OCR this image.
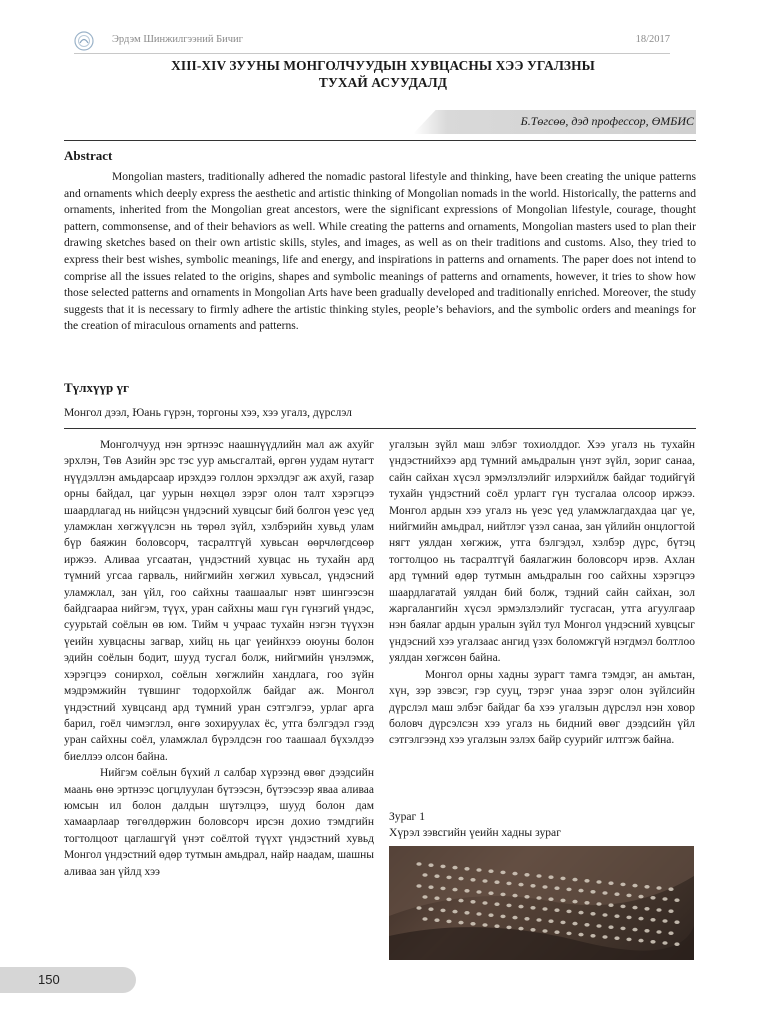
Эрдэм Шинжилгээний Бичиг	18/2017
XIII-XIV ЗУУНЫ МОНГОЛЧУУДЫН ХУВЦАСНЫ ХЭЭ УГАЛЗНЫ
ТУХАЙ АСУУДАЛД
Б.Төгсөө, дэд профессор, ӨМБИС
Abstract

Mongolian masters, traditionally adhered the nomadic pastoral lifestyle and thinking, have been creating the unique patterns and ornaments which deeply express the aesthetic and artistic thinking of Mongolian nomads in the world. Historically, the patterns and ornaments, inherited from the Mongolian great ancestors, were the significant expressions of Mongolian lifestyle, courage, thought pattern, commonsense, and of their behaviors as well. While creating the patterns and ornaments, Mongolian masters used to plan their drawing sketches based on their own artistic skills, styles, and images, as well as on their traditions and customs. Also, they tried to express their best wishes, symbolic meanings, life and energy, and inspirations in patterns and ornaments. The paper does not intend to comprise all the issues related to the origins, shapes and symbolic meanings of patterns and ornaments, however, it tries to show how those selected patterns and ornaments in Mongolian Arts have been gradually developed and traditionally enriched. Moreover, the study suggests that it is necessary to firmly adhere the artistic thinking styles, people’s behaviors, and the symbolic orders and meanings for the creation of miraculous ornaments and patterns.

Түлхүүр үг
Монгол дээл, Юань гүрэн, торгоны хээ, хээ угалз, дүрслэл

Монголчууд нэн эртнээс наашнүүдлийн мал аж ахуйг эрхлэн, Төв Азийн эрс тэс уур амьсгалтай, өргөн уудам нутагт нүүдэллэн амьдарсаар ирэхдээ голлон эрхэлдэг аж ахуй, газар орны байдал, цаг уурын нөхцөл зэрэг олон талт хэрэгцээ шаардлагад нь нийцсэн үндэсний хувцсыг бий болгон үеэс үед уламжлан хөгжүүлсэн нь төрөл зүйл, хэлбэрийн хувьд улам бүр баяжин боловсорч, тасралтгүй хувьсан өөрчлөгдсөөр иржээ. Аливаа угсаатан, үндэстний хувцас нь тухайн ард түмний угсаа гарваль, нийгмийн хөгжил хувьсал, үндэсний уламжлал, зан үйл, гоо сайхны таашаалыг нэвт шингээсэн байдгаараа нийгэм, түүх, уран сайхны маш гүн гүнзгий үндэс, суурьтай соёлын өв юм. Тийм ч учраас тухайн нэгэн түүхэн үеийн хувцасны загвар, хийц нь цаг үеийнхээ оюуны болон эдийн соёлын бодит, шууд тусгал болж, нийгмийн үнэлэмж, хэрэгцээ сонирхол, соёлын хөгжлийн хандлага, гоо зүйн мэдрэмжийн түвшинг тодорхойлж байдаг аж. Монгол үндэстний хувцсанд ард түмний уран сэтгэлгээ, урлаг арга барил, гоёл чимэглэл, өнгө зохируулах ёс, утга бэлгэдэл гээд уран сайхны соёл, уламжлал бүрэлдсэн гоо таашаал бүхэлдээ биеллээ олсон байна.

Нийгэм соёлын бүхий л салбар хүрээнд өвөг дээдсийн маань өнө эртнээс цогцлуулан бүтээсэн, бүтээсээр яваа аливаа юмсын ил болон далдын шүтэлцээ, шууд болон дам хамаарлаар төгөлдөржин боловсорч ирсэн дохио тэмдгийн тогтолцоот цаглашгүй үнэт соёлтой түүхт үндэстний хувьд Монгол үндэстний өдөр тутмын амьдрал, найр наадам, шашны аливаа зан үйлд хээ

угалзын зүйл маш элбэг тохиолддог. Хээ угалз нь тухайн үндэстнийхээ ард түмний амьдралын үнэт зүйл, зориг санаа, сайн сайхан хүсэл эрмэлзлэлийг илэрхийлж байдаг тодийгүй тухайн үндэстний соёл урлагт гүн тусгалаа олсоор иржээ. Монгол ардын хээ угалз нь үеэс үед уламжлагдахдаа цаг үе, нийгмийн амьдрал, нийтлэг үзэл санаа, зан үйлийн онцлогтой нягт уялдан хөгжиж, утга бэлгэдэл, хэлбэр дүрс, бүтэц тогтолцоо нь тасралтгүй баялагжин боловсорч ирэв. Ахлан ард түмний өдөр тутмын амьдралын гоо сайхны хэрэгцээ шаардлагатай уялдан бий болж, тэдний сайн сайхан, зол жаргалангийн хүсэл эрмэлзлэлийг тусгасан, утга агуулгаар нэн баялаг ардын уралын зүйл тул Монгол үндэсний хувцсыг үндэсний хээ угалзаас ангид үзэх боломжгүй нэгдмэл болтлоо уялдан хөгжсөн байна.

Монгол орны хадны зурагт тамга тэмдэг, ан амьтан, хүн, зэр зэвсэг, гэр сууц, тэрэг унаа зэрэг олон зүйлсийн дүрслэл маш элбэг байдаг ба хээ угалзын дүрслэл нэн ховор боловч дүрсэлсэн хээ угалз нь бидний өвөг дээдсийн үйл сэтгэлгээнд хээ угалзын эзлэх байр суурийг илтгэж байна.

Зураг 1
Хүрэл зэвсгийн үеийн хадны зураг
150
